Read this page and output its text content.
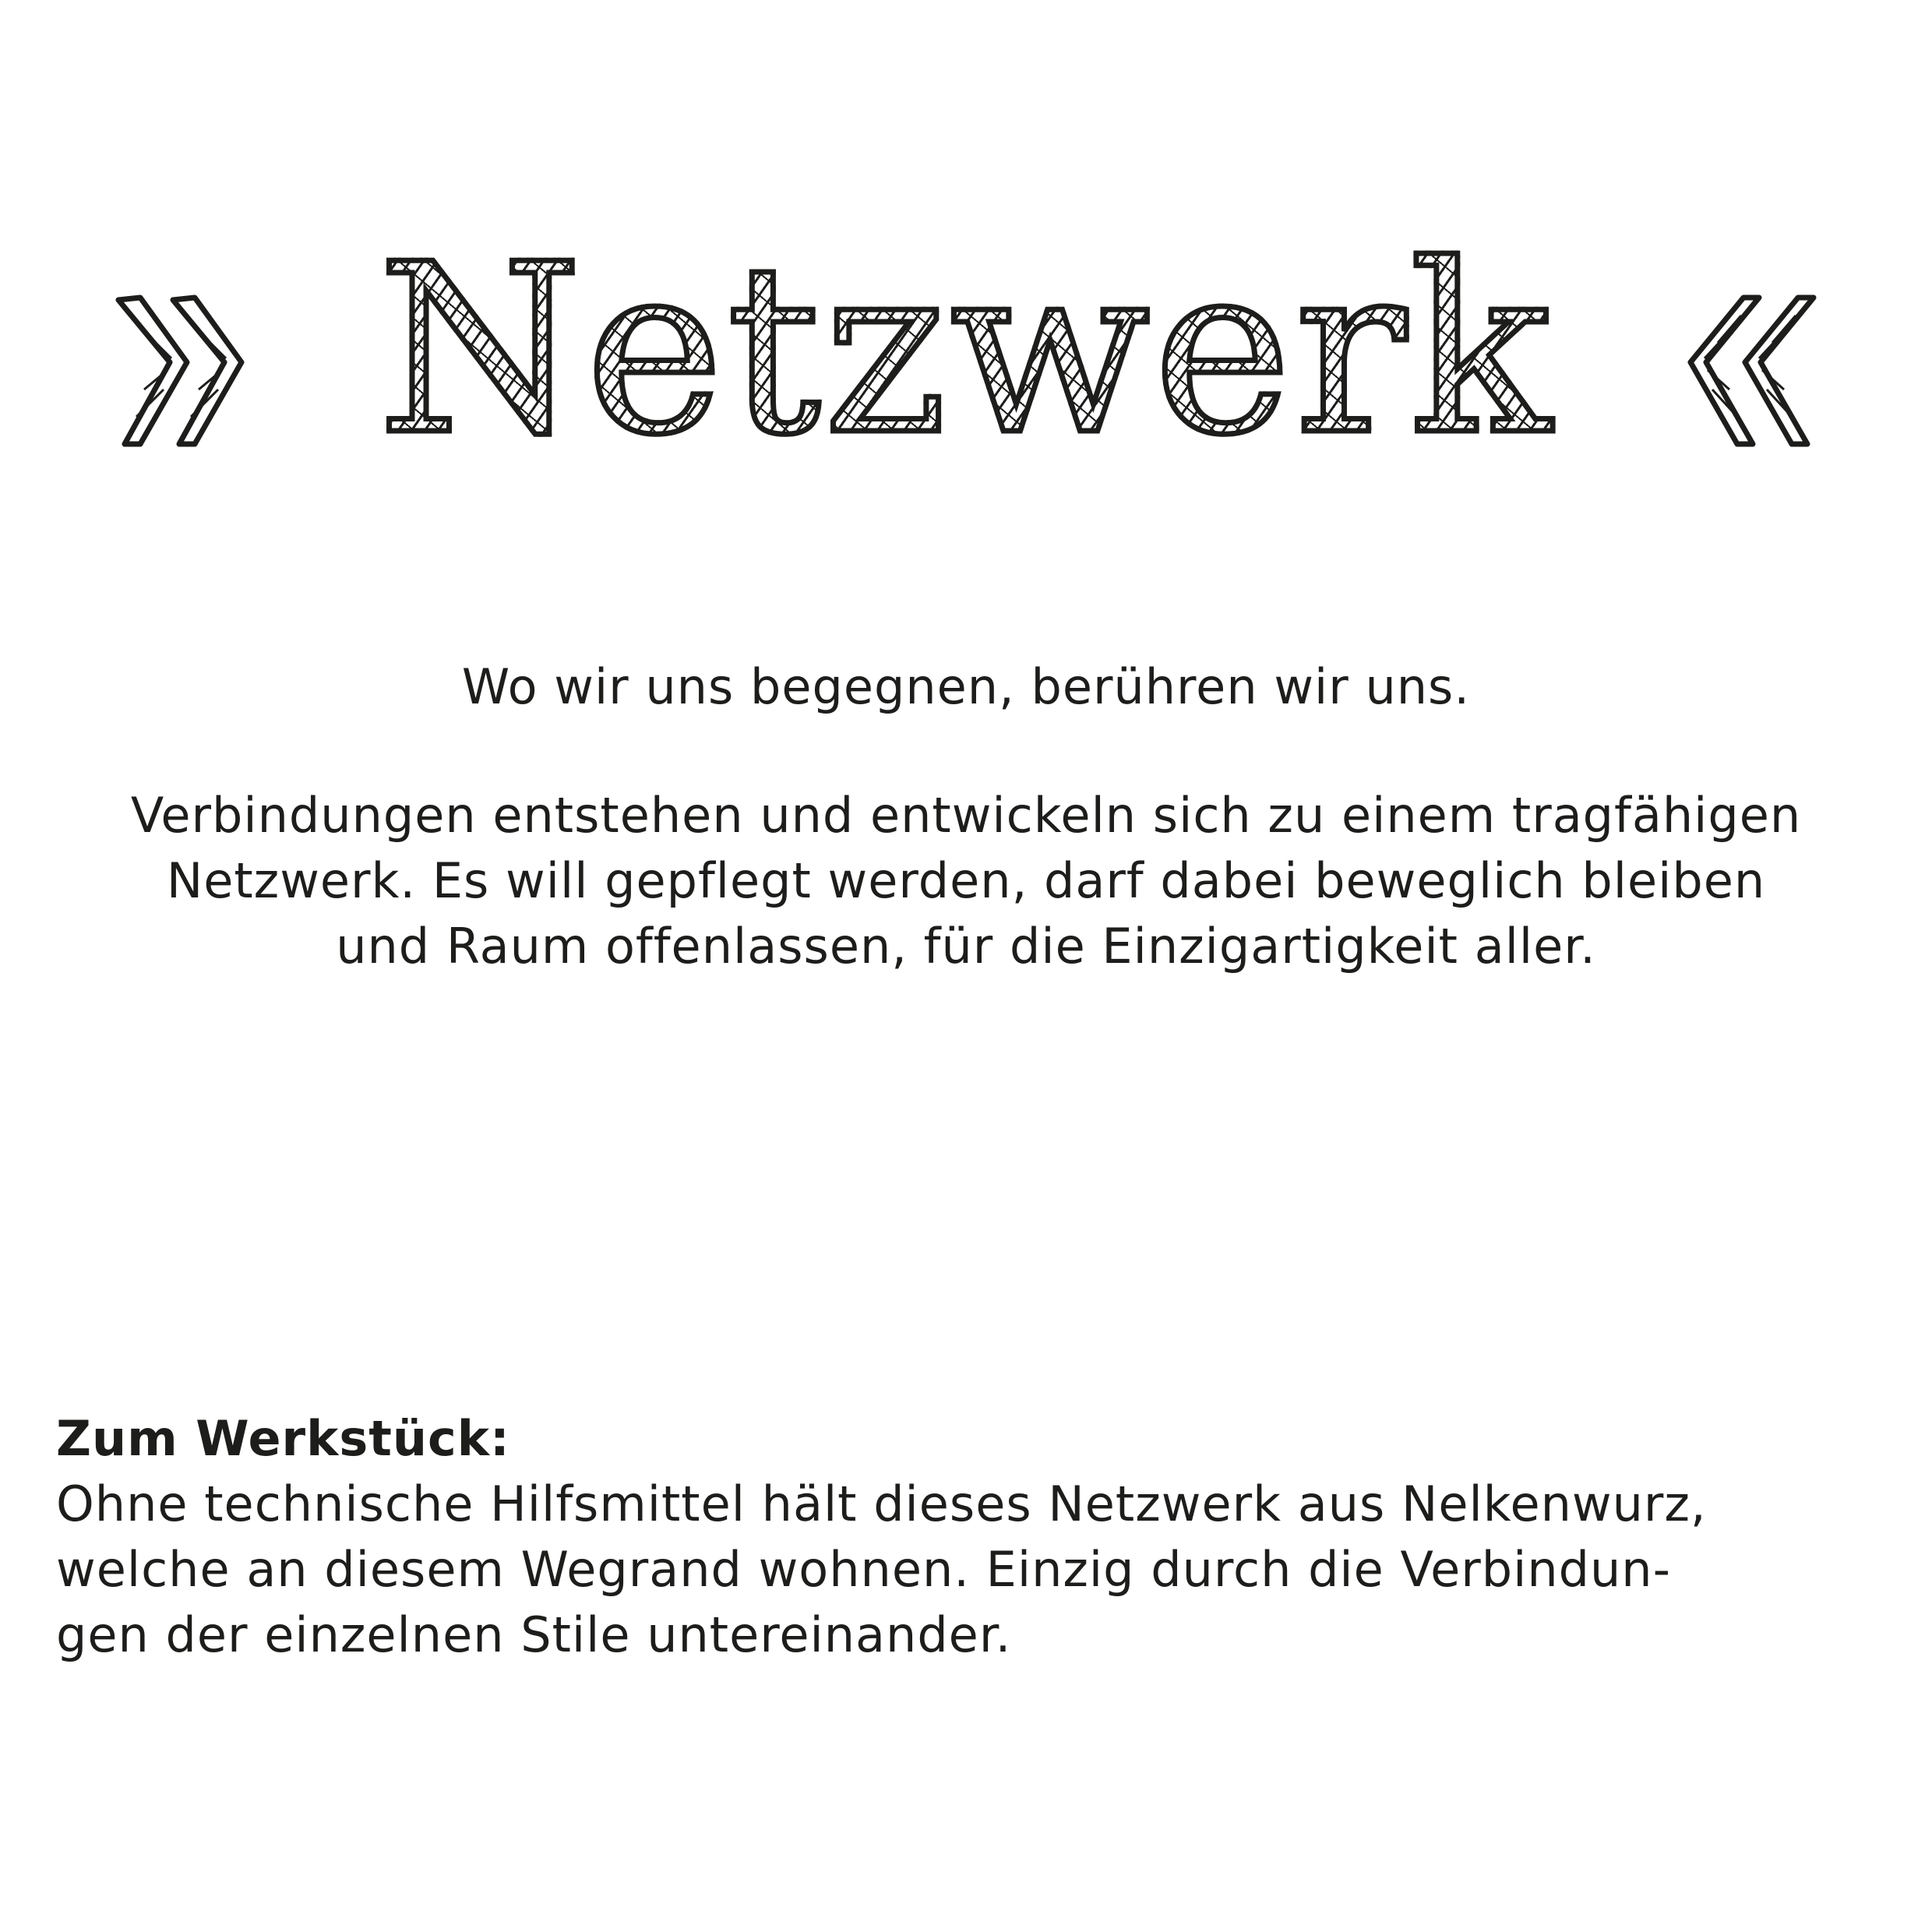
Netzwerk
Wo wir uns begegnen, berühren wir uns.
Verbindungen entstehen und entwickeln sich zu einem tragfähigen
Netzwerk. Es will gepflegt werden, darf dabei beweglich bleiben
und Raum offenlassen, für die Einzigartigkeit aller.
Zum Werkstück:
Ohne technische Hilfsmittel hält dieses Netzwerk aus Nelkenwurz,
welche an diesem Wegrand wohnen. Einzig durch die Verbindun-
gen der einzelnen Stile untereinander.
